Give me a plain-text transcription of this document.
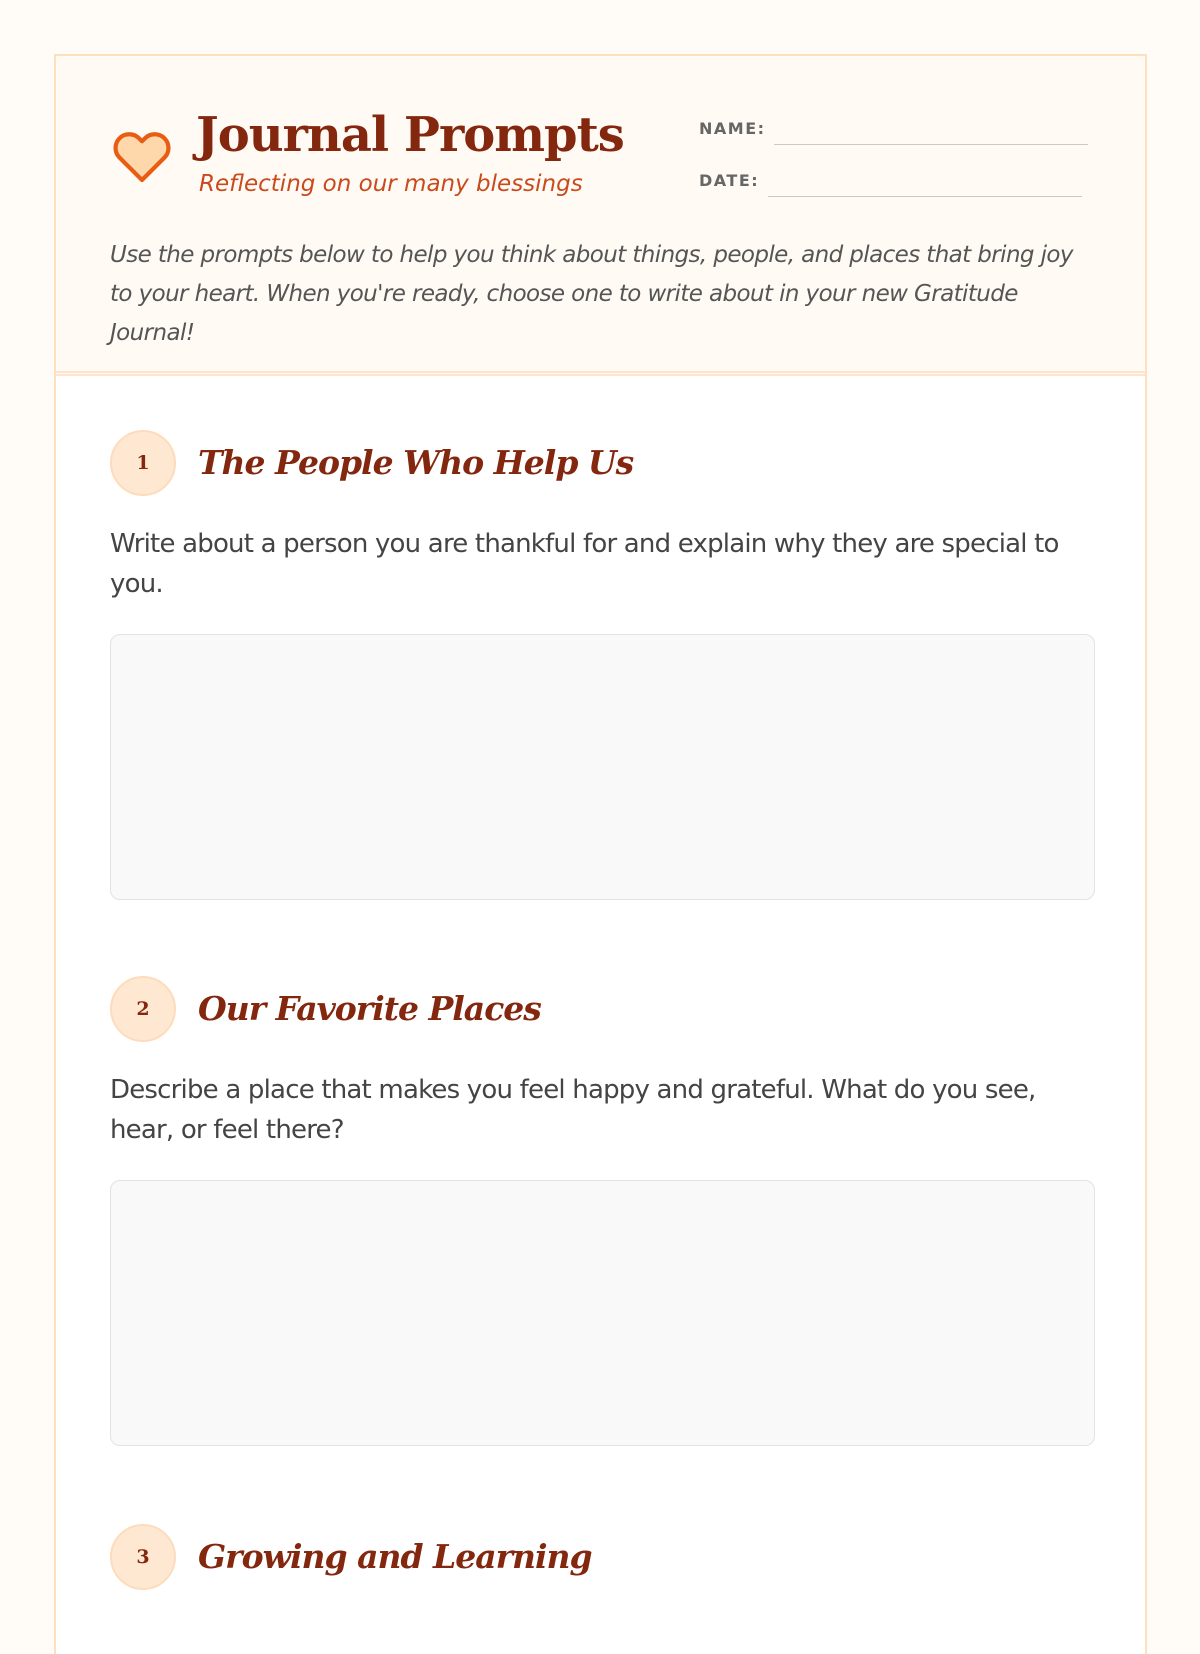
Journal Prompts
Reflecting on our many blessings
NAME:
DATE:

Use the prompts below to help you think about things, people, and places that bring joy to your heart. When you're ready, choose one to write about in your new Gratitude Journal!

1	The People Who Help Us

Write about a person you are thankful for and explain why they are special to you.

2	Our Favorite Places

Describe a place that makes you feel happy and grateful. What do you see, hear, or feel there?

3	Growing and Learning
